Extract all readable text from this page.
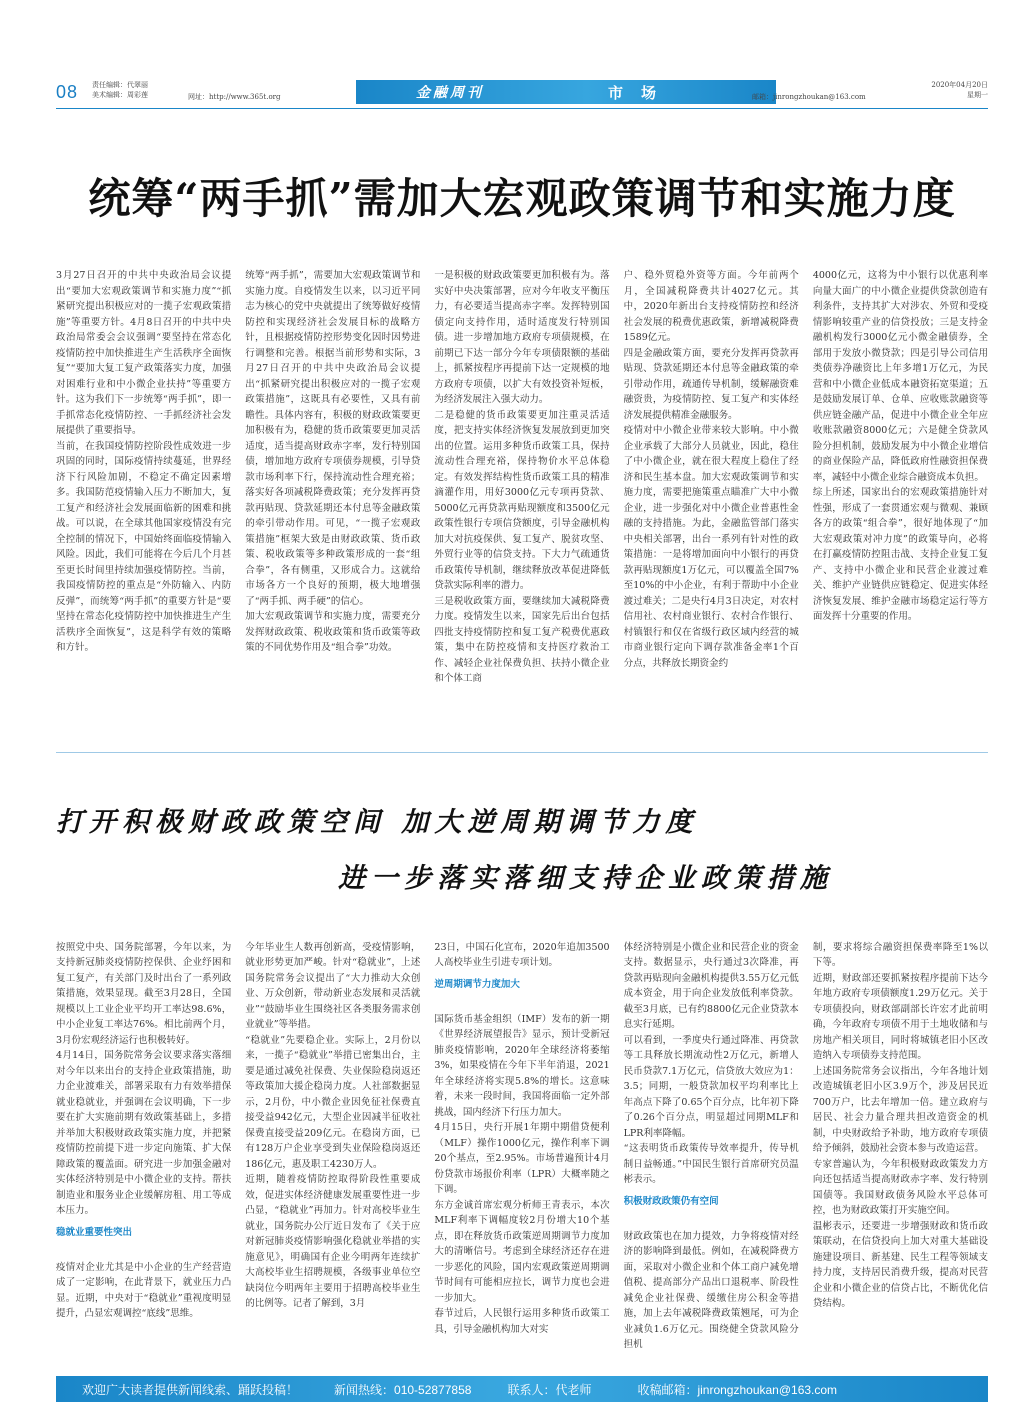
08 责任编辑：代翠丽
美术编辑：周彩莲	网址：http://www.365t.org	金融周刊	市场	邮箱：jinrongzhoukan@163.com
2020年04月20日
星期一
统筹“两手抓”需加大宏观政策调节和实施力度
3月27日召开的中共中央政治局会议提出“要加大宏观政策调节和实施力度”“抓紧研究提出积极应对的一揽子宏观政策措施”等重要方针。4月8日召开的中共中央政治局常委会会议强调“要坚持在常态化疫情防控中加快推进生产生活秩序全面恢复”“要加大复工复产政策落实力度，加强对困难行业和中小微企业扶持”等重要方针。这为我们下一步统筹“两手抓”，即一手抓常态化疫情防控、一手抓经济社会发展提供了重要指导。
当前，在我国疫情防控阶段性成效进一步巩固的同时，国际疫情持续蔓延，世界经济下行风险加剧，不稳定不确定因素增多。我国防范疫情输入压力不断加大，复工复产和经济社会发展面临新的困难和挑战。可以说，在全球其他国家疫情没有完全控制的情况下，中国始终面临疫情输入风险。因此，我们可能将在今后几个月甚至更长时间里持续加强疫情防控。当前，我国疫情防控的重点是“外防输入、内防反弹”，而统筹“两手抓”的重要方针是“要坚持在常态化疫情防控中加快推进生产生活秩序全面恢复”，这是科学有效的策略和方针。
统筹“两手抓”，需要加大宏观政策调节和实施力度。自疫情发生以来，以习近平同志为核心的党中央就提出了统筹做好疫情防控和实现经济社会发展目标的战略方针，且根据疫情防控形势变化因时因势进行调整和完善。根据当前形势和实际，3月27日召开的中共中央政治局会议提出“抓紧研究提出积极应对的一揽子宏观政策措施”，这既具有必要性，又具有前瞻性。具体内容有，积极的财政政策要更加积极有为，稳健的货币政策要更加灵活适度，适当提高财政赤字率，发行特别国债，增加地方政府专项债券规模，引导贷款市场利率下行，保持流动性合理充裕；落实好各项减税降费政策；充分发挥再贷款再贴现、贷款延期还本付息等金融政策的牵引带动作用。可见，“一揽子宏观政策措施”框架大致是由财政政策、货币政策、税收政策等多种政策形成的一套“组合拳”，各有侧重，又形成合力。这就给市场各方一个良好的预期，极大地增强了“两手抓、两手硬”的信心。
加大宏观政策调节和实施力度，需要充分发挥财政政策、税收政策和货币政策等政策的不同优势作用及“组合拳”功效。
一是积极的财政政策要更加积极有为。落实好中央决策部署，应对今年收支平衡压力，有必要适当提高赤字率。发挥特别国债定向支持作用，适时适度发行特别国债。进一步增加地方政府专项债规模，在前期已下达一部分今年专项债限额的基础上，抓紧按程序再提前下达一定规模的地方政府专项债，以扩大有效投资补短板，为经济发展注入强大动力。
二是稳健的货币政策要更加注重灵活适度，把支持实体经济恢复发展放到更加突出的位置。运用多种货币政策工具，保持流动性合理充裕，保持物价水平总体稳定。有效发挥结构性货币政策工具的精准滴灌作用，用好3000亿元专项再贷款、5000亿元再贷款再贴现额度和3500亿元政策性银行专项信贷额度，引导金融机构加大对抗疫保供、复工复产、脱贫攻坚、外贸行业等的信贷支持。下大力气疏通货币政策传导机制，继续释放改革促进降低贷款实际利率的潜力。
三是税收政策方面，要继续加大减税降费力度。疫情发生以来，国家先后出台包括四批支持疫情防控和复工复产税费优惠政策，集中在防控疫情和支持医疗救治工作、减轻企业社保费负担、扶持小微企业和个体工商
户、稳外贸稳外资等方面。今年前两个月，全国减税降费共计4027亿元。其中，2020年新出台支持疫情防控和经济社会发展的税费优惠政策，新增减税降费1589亿元。
四是金融政策方面，要充分发挥再贷款再贴现、贷款延期还本付息等金融政策的牵引带动作用，疏通传导机制，缓解融资难融资贵，为疫情防控、复工复产和实体经济发展提供精准金融服务。
疫情对中小微企业带来较大影响。中小微企业承载了大部分人员就业，因此，稳住了中小微企业，就在很大程度上稳住了经济和民生基本盘。加大宏观政策调节和实施力度，需要把施策重点瞄准广大中小微企业，进一步强化对中小微企业普惠性金融的支持措施。为此，金融监管部门落实中央相关部署，出台一系列有针对性的政策措施：一是将增加面向中小银行的再贷款再贴现额度1万亿元，可以覆盖全国7%至10%的中小企业，有利于帮助中小企业渡过难关；二是央行4月3日决定，对农村信用社、农村商业银行、农村合作银行、村镇银行和仅在省级行政区域内经营的城市商业银行定向下调存款准备金率1个百分点，共释放长期资金约
4000亿元，这将为中小银行以优惠利率向量大面广的中小微企业提供贷款创造有利条件，支持其扩大对涉农、外贸和受疫情影响较重产业的信贷投放；三是支持金融机构发行3000亿元小微金融债券，全部用于发放小微贷款；四是引导公司信用类债券净融资比上年多增1万亿元，为民营和中小微企业低成本融资拓宽渠道；五是鼓励发展订单、仓单、应收账款融资等供应链金融产品，促进中小微企业全年应收账款融资8000亿元；六是健全贷款风险分担机制，鼓励发展为中小微企业增信的商业保险产品，降低政府性融资担保费率，减轻中小微企业综合融资成本负担。
综上所述，国家出台的宏观政策措施针对性强，形成了一套贯通宏观与微观、兼顾各方的政策“组合拳”，很好地体现了“加大宏观政策对冲力度”的政策导向，必将在打赢疫情防控阻击战、支持企业复工复产、支持中小微企业和民营企业渡过难关、维护产业链供应链稳定、促进实体经济恢复发展、维护金融市场稳定运行等方面发挥十分重要的作用。
打开积极财政政策空间 加大逆周期调节力度
进一步落实落细支持企业政策措施

按照党中央、国务院部署，今年以来，为支持新冠肺炎疫情防控保供、企业纾困和复工复产，有关部门及时出台了一系列政策措施，效果显现。截至3月28日，全国规模以上工业企业平均开工率达98.6%，中小企业复工率达76%。相比前两个月，3月份宏观经济运行也积极转好。
4月14日，国务院常务会议要求落实落细对今年以来出台的支持企业政策措施，助力企业渡难关，部署采取有力有效举措保就业稳就业，并强调在会议明确，下一步要在扩大实施前期有效政策基础上，多措并举加大积极财政政策实施力度，并把紧疫情防控前提下进一步定向施策、扩大保障政策的覆盖面。研究进一步加强金融对实体经济特别是中小微企业的支持。帮扶制造业和服务业企业缓解房租、用工等成本压力。

稳就业重要性突出

疫情对企业尤其是中小企业的生产经营造成了一定影响，在此背景下，就业压力凸显。近期，中央对于“稳就业”重视度明显提升，凸显宏观调控“底线”思维。

今年毕业生人数再创新高，受疫情影响，就业形势更加严峻。针对“稳就业”，上述国务院常务会议提出了“大力推动大众创业、万众创新，带动新业态发展和灵活就业”“鼓励毕业生围绕社区各类服务需求创业就业”等举措。
“稳就业”先要稳企业。实际上，2月份以来，一揽子“稳就业”举措已密集出台，主要是通过减免社保费、失业保险稳岗返还等政策加大援企稳岗力度。人社部数据显示，2月份，中小微企业因免征社保费直接受益942亿元，大型企业因减半征收社保费直接受益209亿元。在稳岗方面，已有128万户企业享受到失业保险稳岗返还186亿元，惠及职工4230万人。
近期，随着疫情防控取得阶段性重要成效，促进实体经济健康发展重要性进一步凸显，“稳就业”再加力。针对高校毕业生就业，国务院办公厅近日发布了《关于应对新冠肺炎疫情影响强化稳就业举措的实施意见》，明确国有企业今明两年连续扩大高校毕业生招聘规模，各级事业单位空缺岗位今明两年主要用于招聘高校毕业生的比例等。记者了解到，3月

23日，中国石化宣布，2020年追加3500人高校毕业生引进专项计划。

逆周期调节力度加大

国际货币基金组织（IMF）发布的新一期《世界经济展望报告》显示，预计受新冠肺炎疫情影响，2020年全球经济将萎缩3%，如果疫情在今年下半年消退，2021年全球经济将实现5.8%的增长。这意味着，未来一段时间，我国将面临一定外部挑战，国内经济下行压力加大。
4月15日，央行开展1年期中期借贷便利（MLF）操作1000亿元，操作利率下调20个基点，至2.95%。市场普遍预计4月份贷款市场报价利率（LPR）大概率随之下调。
东方金诚首席宏观分析师王青表示，本次MLF利率下调幅度较2月份增大10个基点，即在释放货币政策逆周期调节力度加大的清晰信号。考虑到全球经济还存在进一步恶化的风险，国内宏观政策逆周期调节时间有可能相应拉长，调节力度也会进一步加大。
春节过后，人民银行运用多种货币政策工具，引导金融机构加大对实

体经济特别是小微企业和民营企业的资金支持。数据显示，央行通过3次降准，再贷款再贴现向金融机构提供3.55万亿元低成本资金，用于向企业发放低利率贷款。截至3月底，已有约8800亿元企业贷款本息实行延期。
可以看到，一季度央行通过降准、再贷款等工具释放长期流动性2万亿元，新增人民币贷款7.1万亿元，信贷放大效应为1：3.5；同期，一般贷款加权平均利率比上年高点下降了0.65个百分点，比年初下降了0.26个百分点，明显超过同期MLF和LPR利率降幅。
“这表明货币政策传导效率提升，传导机制日益畅通。”中国民生银行首席研究员温彬表示。

积极财政政策仍有空间

财政政策也在加力提效，力争将疫情对经济的影响降到最低。例如，在减税降费方面，采取对小微企业和个体工商户减免增值税、提高部分产品出口退税率、阶段性减免企业社保费、缓缴住房公积金等措施，加上去年减税降费政策翘尾，可为企业减负1.6万亿元。围绕健全贷款风险分担机

制，要求将综合融资担保费率降至1%以下等。
近期，财政部还要抓紧按程序提前下达今年地方政府专项债额度1.29万亿元。关于专项债投向，财政部副部长许宏才此前明确，今年政府专项债不用于土地收储和与房地产相关项目，同时将城镇老旧小区改造纳入专项债券支持范围。
上述国务院常务会议指出，今年各地计划改造城镇老旧小区3.9万个，涉及居民近700万户，比去年增加一倍。建立政府与居民、社会力量合理共担改造资金的机制，中央财政给予补助，地方政府专项债给予倾斜，鼓励社会资本参与改造运营。
专家普遍认为，今年积极财政政策发力方向还包括适当提高财政赤字率、发行特别国债等。我国财政债务风险水平总体可控，也为财政政策打开实施空间。
温彬表示，还要进一步增强财政和货币政策联动，在信贷投向上加大对重大基础设施建设项目、新基建、民生工程等领域支持力度，支持居民消费升级，提高对民营企业和小微企业的信贷占比，不断优化信贷结构。

欢迎广大读者提供新闻线索、踊跃投稿！	新闻热线：010-52877858	联系人：代老师	收稿邮箱：jinrongzhoukan@163.com
